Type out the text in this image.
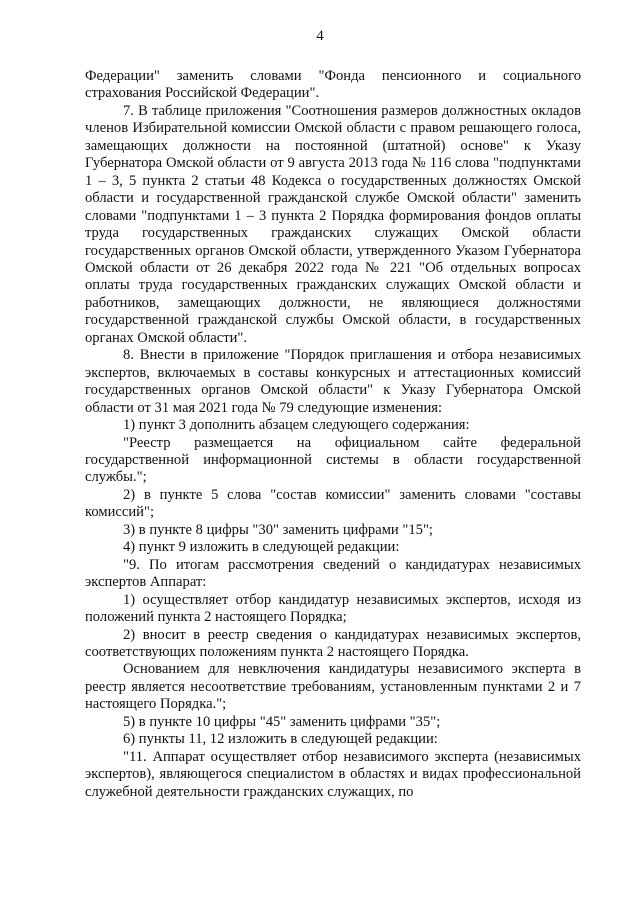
4

Федерации" заменить словами "Фонда пенсионного и социального страхования Российской Федерации".

7. В таблице приложения "Соотношения размеров должностных окладов членов Избирательной комиссии Омской области с правом решающего голоса, замещающих должности на постоянной (штатной) основе" к Указу Губернатора Омской области от 9 августа 2013 года № 116 слова "подпунктами 1 – 3, 5 пункта 2 статьи 48 Кодекса о государственных должностях Омской области и государственной гражданской службе Омской области" заменить словами "подпунктами 1 – 3 пункта 2 Порядка формирования фондов оплаты труда государственных гражданских служащих Омской области государственных органов Омской области, утвержденного Указом Губернатора Омской области от 26 декабря 2022 года № 221 "Об отдельных вопросах оплаты труда государственных гражданских служащих Омской области и работников, замещающих должности, не являющиеся должностями государственной гражданской службы Омской области, в государственных органах Омской области".

8. Внести в приложение "Порядок приглашения и отбора независимых экспертов, включаемых в составы конкурсных и аттестационных комиссий государственных органов Омской области" к Указу Губернатора Омской области от 31 мая 2021 года № 79 следующие изменения:

1) пункт 3 дополнить абзацем следующего содержания:

"Реестр размещается на официальном сайте федеральной государственной информационной системы в области государственной службы.";

2) в пункте 5 слова "состав комиссии" заменить словами "составы комиссий";

3) в пункте 8 цифры "30" заменить цифрами "15";

4) пункт 9 изложить в следующей редакции:

"9. По итогам рассмотрения сведений о кандидатурах независимых экспертов Аппарат:

1) осуществляет отбор кандидатур независимых экспертов, исходя из положений пункта 2 настоящего Порядка;

2) вносит в реестр сведения о кандидатурах независимых экспертов, соответствующих положениям пункта 2 настоящего Порядка.

Основанием для невключения кандидатуры независимого эксперта в реестр является несоответствие требованиям, установленным пунктами 2 и 7 настоящего Порядка.";

5) в пункте 10 цифры "45" заменить цифрами "35";

6) пункты 11, 12 изложить в следующей редакции:

"11. Аппарат осуществляет отбор независимого эксперта (независимых экспертов), являющегося специалистом в областях и видах профессиональной служебной деятельности гражданских служащих, по
